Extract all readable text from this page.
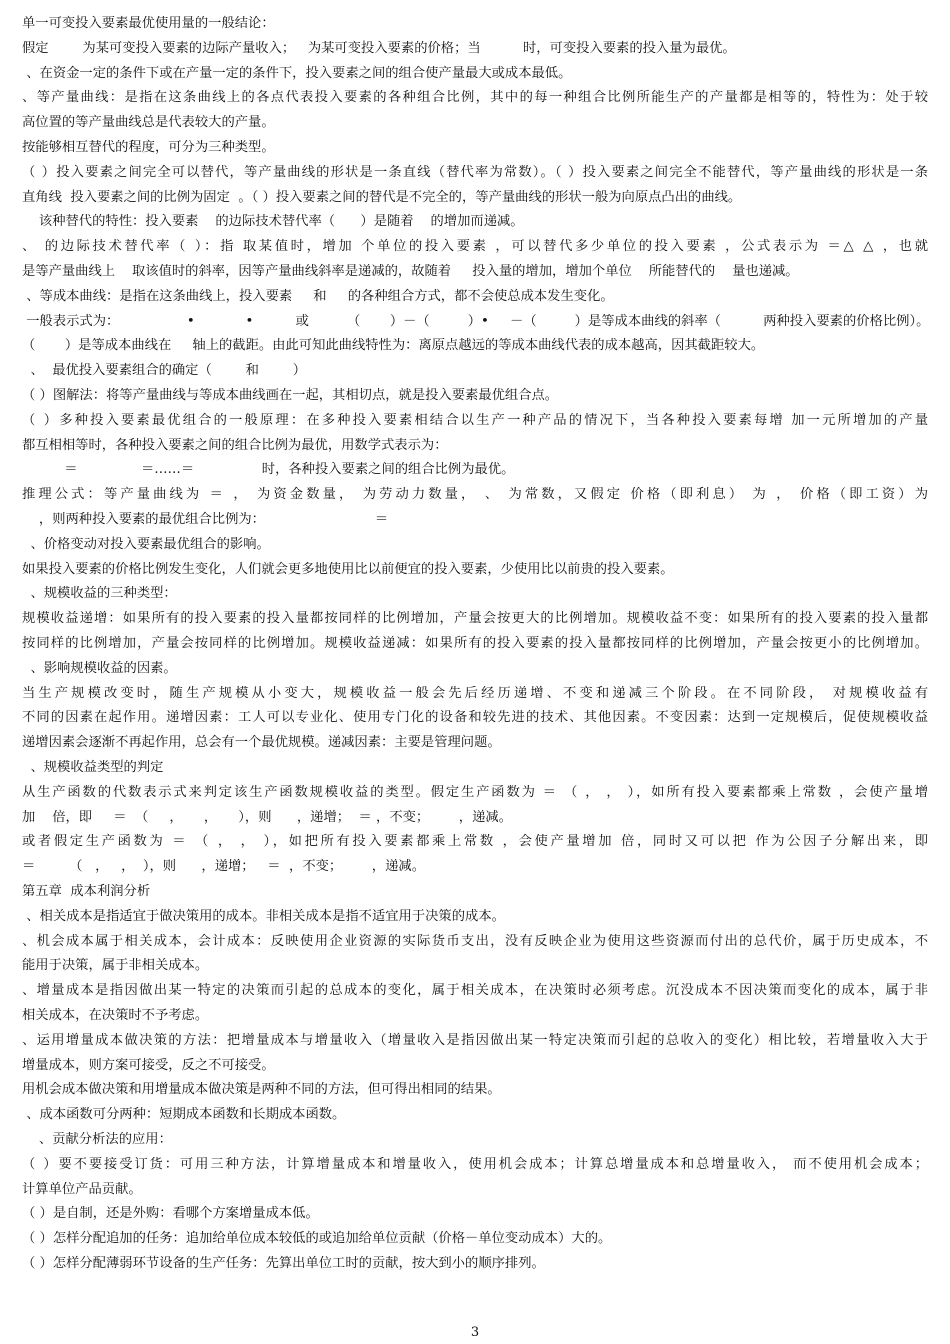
单一可变投入要素最优使用量的一般结论：
假定        为某可变投入要素的边际产量收入；   为某可变投入要素的价格；当          时，可变投入要素的投入量为最优。
、在资金一定的条件下或在产量一定的条件下，投入要素之间的组合使产量最大或成本最低。
、等产量曲线：是指在这条曲线上的各点代表投入要素的各种组合比例，其中的每一种组合比例所能生产的产量都是相等的，特性为：处于较
高位置的等产量曲线总是代表较大的产量。
按能够相互替代的程度，可分为三种类型。
（ ）投入要素之间完全可以替代，等产量曲线的形状是一条直线（替代率为常数）。（ ）投入要素之间完全不能替代，等产量曲线的形状是一条
直角线  投入要素之间的比例为固定  。（ ）投入要素之间的替代是不完全的，等产量曲线的形状一般为向原点凸出的曲线。
该种替代的特性：投入要素    的边际技术替代率（      ）是随着    的增加而递减。
、 的边际技术替代率（ ）：指 取某值时，增加 个单位的投入要素 ，可以替代多少单位的投入要素 ，公式表示为 ＝△ △ ，也就
是等产量曲线上    取该值时的斜率，因等产量曲线斜率是递减的，故随着     投入量的增加，增加个单位    所能替代的    量也递减。
、等成本曲线：是指在这条曲线上，投入要素     和     的各种组合方式，都不会使总成本发生变化。
一般表示式为：                •            •          或         （       ）－（         ）•     －（         ）是等成本曲线的斜率（          两种投入要素的价格比例）。
（       ）是等成本曲线在     轴上的截距。由此可知此曲线特性为：离原点越远的等成本曲线代表的成本越高，因其截距较大。
、  最优投入要素组合的确定（        和        ）
（ ）图解法：将等产量曲线与等成本曲线画在一起，其相切点，就是投入要素最优组合点。
（ ）多种投入要素最优组合的一般原理：在多种投入要素相结合以生产一种产品的情况下，当各种投入要素每增 加一元所增加的产量
都互相相等时，各种投入要素之间的组合比例为最优，用数学式表示为：
＝               ＝……＝                时，各种投入要素之间的组合比例为最优。
推理公式：等产量曲线为 ＝ ， 为资金数量， 为劳动力数量， 、 为常数，又假定 价格（即利息） 为 ， 价格（即工资）为
，则两种投入要素的最优组合比例为：                          ＝
、价格变动对投入要素最优组合的影响。
如果投入要素的价格比例发生变化，人们就会更多地使用比以前便宜的投入要素，少使用比以前贵的投入要素。
、规模收益的三种类型：
规模收益递增：如果所有的投入要素的投入量都按同样的比例增加，产量会按更大的比例增加。规模收益不变：如果所有的投入要素的投入量都
按同样的比例增加，产量会按同样的比例增加。规模收益递减：如果所有的投入要素的投入量都按同样的比例增加，产量会按更小的比例增加。
、影响规模收益的因素。
当生产规模改变时，随生产规模从小变大，规模收益一般会先后经历递增、不变和递减三个阶段。在不同阶段， 对规模收益有
不同的因素在起作用。递增因素：工人可以专业化、使用专门化的设备和较先进的技术、其他因素。不变因素：达到一定规模后，促使规模收益
递增因素会逐渐不再起作用，总会有一个最优规模。递减因素：主要是管理问题。
、规模收益类型的判定
从生产函数的代数表示式来判定该生产函数规模收益的类型。假定生产函数为 ＝ （ ， ， ），如所有投入要素都乘上常数 ，会使产量增
加    倍，即     ＝  （     ，     ，     ），则      ，递增；  ＝ ，不变；       ，递减。
或者假定生产函数为 ＝ （ ， ， ），如把所有投入要素都乘上常数 ，会使产量增加 倍，同时又可以把 作为公因子分解出来，即
＝        （   ，   ，  ），则      ，递增；   ＝  ，不变；       ，递减。
第五章  成本利润分析
、相关成本是指适宜于做决策用的成本。非相关成本是指不适宜用于决策的成本。
、机会成本属于相关成本，会计成本：反映使用企业资源的实际货币支出，没有反映企业为使用这些资源而付出的总代价，属于历史成本，不
能用于决策，属于非相关成本。
、增量成本是指因做出某一特定的决策而引起的总成本的变化，属于相关成本，在决策时必须考虑。沉没成本不因决策而变化的成本，属于非
相关成本，在决策时不予考虑。
、运用增量成本做决策的方法：把增量成本与增量收入（增量收入是指因做出某一特定决策而引起的总收入的变化）相比较，若增量收入大于
增量成本，则方案可接受，反之不可接受。
用机会成本做决策和用增量成本做决策是两种不同的方法，但可得出相同的结果。
、成本函数可分两种：短期成本函数和长期成本函数。
、贡献分析法的应用：
（ ）要不要接受订货：可用三种方法，计算增量成本和增量收入，使用机会成本；计算总增量成本和总增量收入， 而不使用机会成本；
计算单位产品贡献。
（ ）是自制，还是外购：看哪个方案增量成本低。
（ ）怎样分配追加的任务：追加给单位成本较低的或追加给单位贡献（价格－单位变动成本）大的。
（ ）怎样分配薄弱环节设备的生产任务：先算出单位工时的贡献，按大到小的顺序排列。
3
